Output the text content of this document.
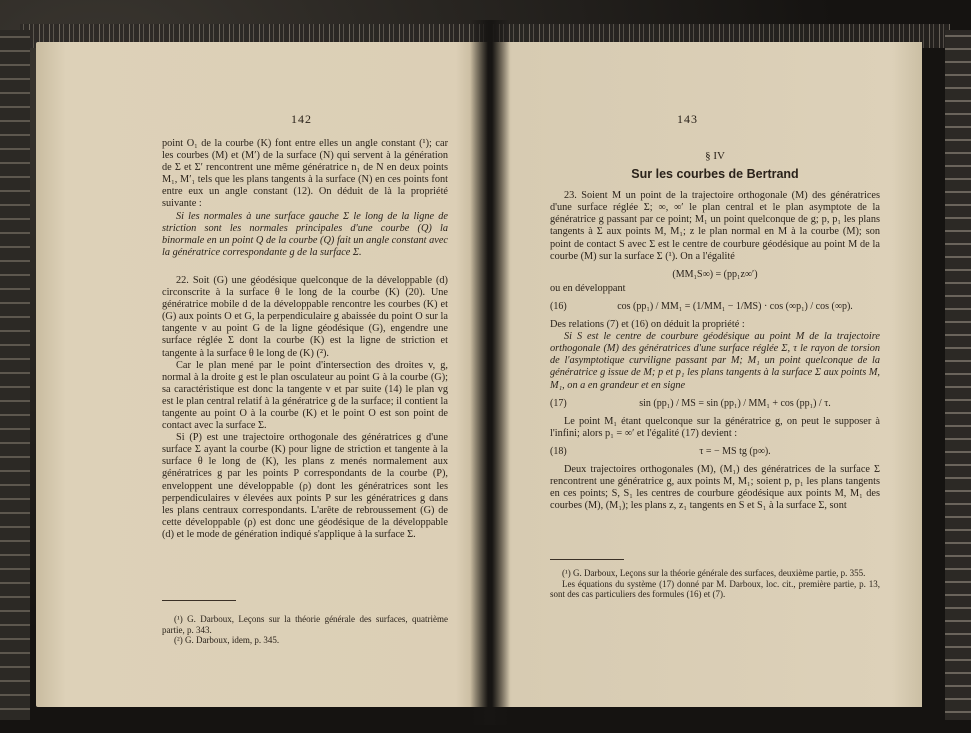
142

point O₁ de la courbe (K) font entre elles un angle constant (¹); car les courbes (M) et (M′) de la surface (N) qui servent à la génération de Σ et Σ′ rencontrent une même génératrice n₁ de N en deux points M₁, M′₁ tels que les plans tangents à la surface (N) en ces points font entre eux un angle constant (12). On déduit de là la propriété suivante :

Si les normales à une surface gauche Σ le long de la ligne de striction sont les normales principales d'une courbe (Q) la binormale en un point Q de la courbe (Q) fait un angle constant avec la génératrice correspondante g de la surface Σ.

22. Soit (G) une géodésique quelconque de la développable (d) circonscrite à la surface θ le long de la courbe (K) (20). Une génératrice mobile d de la développable rencontre les courbes (K) et (G) aux points O et G, la perpendiculaire g abaissée du point O sur la tangente v au point G de la ligne géodésique (G), engendre une surface réglée Σ dont la courbe (K) est la ligne de striction et tangente à la surface θ le long de (K) (²).

Car le plan mené par le point d'intersection des droites v, g, normal à la droite g est le plan osculateur au point G à la courbe (G); sa caractéristique est donc la tangente v et par suite (14) le plan vg est le plan central relatif à la génératrice g de la surface; il contient la tangente au point O à la courbe (K) et le point O est son point de contact avec la surface Σ.

Si (P) est une trajectoire orthogonale des génératrices g d'une surface Σ ayant la courbe (K) pour ligne de striction et tangente à la surface θ le long de (K), les plans z menés normalement aux génératrices g par les points P correspondants de la courbe (P), enveloppent une développable (ρ) dont les génératrices sont les perpendiculaires v élevées aux points P sur les génératrices g dans les plans centraux correspondants. L'arête de rebroussement (G) de cette développable (ρ) est donc une géodésique de la développable (d) et le mode de génération indiqué s'applique à la surface Σ.

(¹) G. Darboux, Leçons sur la théorie générale des surfaces, quatrième partie, p. 343.

(²) G. Darboux, idem, p. 345.

143
§ IV
Sur les courbes de Bertrand

23. Soient M un point de la trajectoire orthogonale (M) des génératrices d'une surface réglée Σ; ∞, ∞′ le plan central et le plan asymptote de la génératrice g passant par ce point; M₁ un point quelconque de g; p, p₁ les plans tangents à Σ aux points M, M₁; z le plan normal en M à la courbe (M); son point de contact S avec Σ est le centre de courbure géodésique au point M de la courbe (M) sur la surface Σ (¹). On a l'égalité

(MM₁S∞) = (pp₁z∞′)

ou en développant

(16)	cos (pp₁) / MM₁ = (1/MM₁ − 1/MS) · cos (∞p₁) / cos (∞p).

Des relations (7) et (16) on déduit la propriété :

Si S est le centre de courbure géodésique au point M de la trajectoire orthogonale (M) des génératrices d'une surface réglée Σ, τ le rayon de torsion de l'asymptotique curviligne passant par M; M₁ un point quelconque de la génératrice g issue de M; p et p₁ les plans tangents à la surface Σ aux points M, M₁, on a en grandeur et en signe

(17)	sin (pp₁) / MS = sin (pp₁) / MM₁ + cos (pp₁) / τ.

Le point M₁ étant quelconque sur la génératrice g, on peut le supposer à l'infini; alors p₁ = ∞′ et l'égalité (17) devient :

(18)	τ = − MS tg (p∞).

Deux trajectoires orthogonales (M), (M₁) des génératrices de la surface Σ rencontrent une génératrice g, aux points M, M₁; soient p, p₁ les plans tangents en ces points; S, S₁ les centres de courbure géodésique aux points M, M₁ des courbes (M), (M₁); les plans z, z₁ tangents en S et S₁ à la surface Σ, sont

(¹) G. Darboux, Leçons sur la théorie générale des surfaces, deuxième partie, p. 355.

Les équations du système (17) donné par M. Darboux, loc. cit., première partie, p. 13, sont des cas particuliers des formules (16) et (7).
